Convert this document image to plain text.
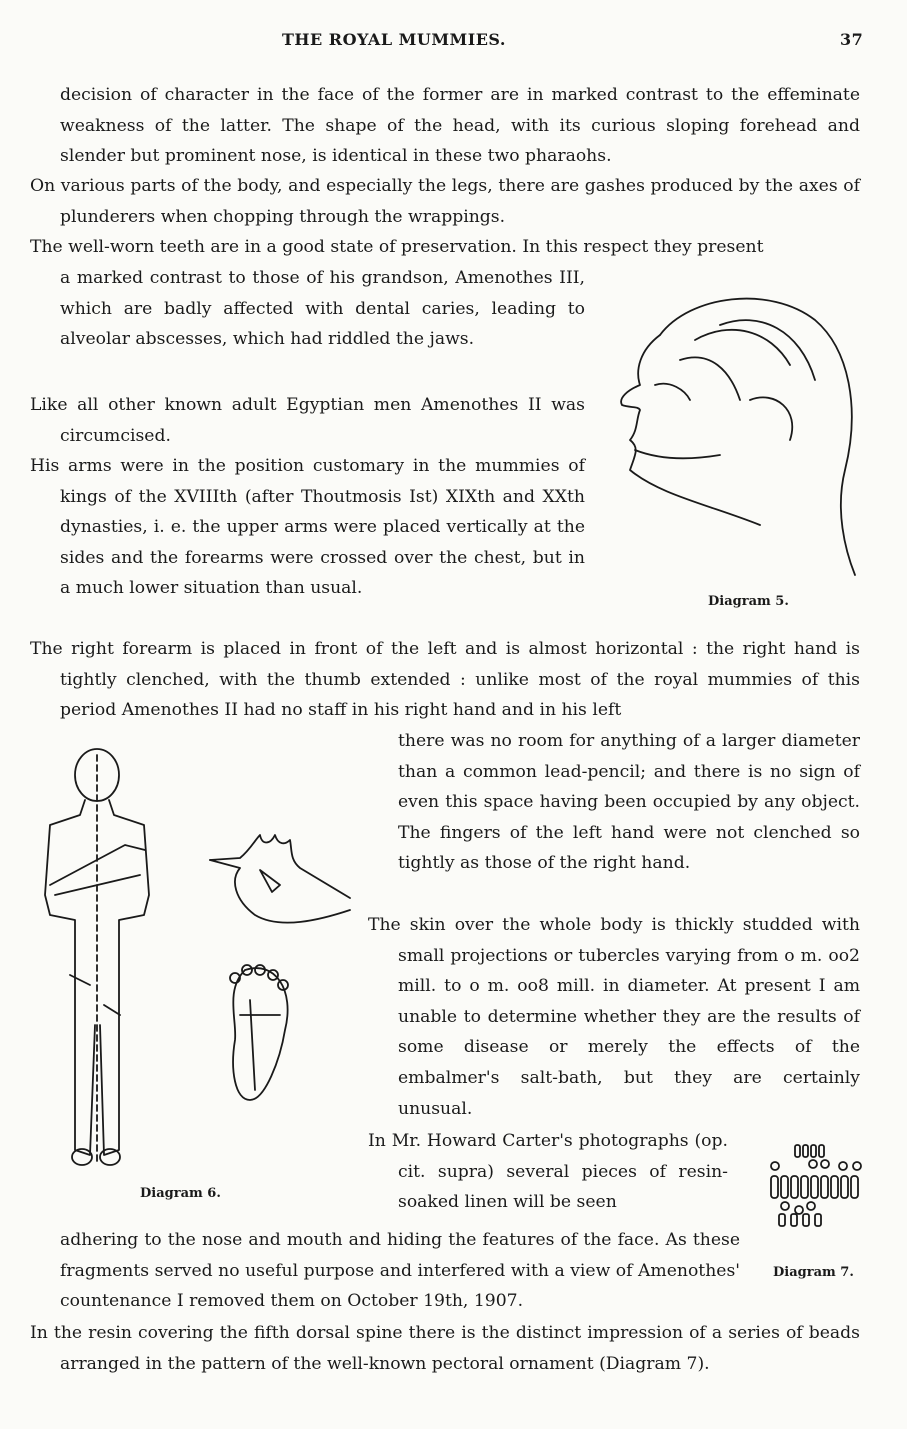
THE ROYAL MUMMIES.	37

decision of character in the face of the former are in marked contrast to the effeminate weakness of the latter. The shape of the head, with its curious sloping forehead and slender but prominent nose, is identical in these two pharaohs.

On various parts of the body, and especially the legs, there are gashes produced by the axes of plunderers when chopping through the wrappings.

The well-worn teeth are in a good state of preservation. In this respect they present

a marked contrast to those of his grandson, Amenothes III, which are badly affected with dental caries, leading to alveolar abscesses, which had riddled the jaws.

Like all other known adult Egyptian men Amenothes II was circumcised.

His arms were in the position customary in the mummies of kings of the XVIIIth (after Thoutmosis Ist) XIXth and XXth dynasties, i. e. the upper arms were placed vertically at the sides and the forearms were crossed over the chest, but in a much lower situation than usual.

The right forearm is placed in front of the left and is almost horizontal : the right hand is tightly clenched, with the thumb extended : unlike most of the royal mummies of this period Amenothes II had no staff in his right hand and in his left

there was no room for anything of a larger diameter than a common lead-pencil; and there is no sign of even this space having been occupied by any object. The fingers of the left hand were not clenched so tightly as those of the right hand.

The skin over the whole body is thickly studded with small projections or tubercles varying from o m. oo2 mill. to o m. oo8 mill. in diameter. At present I am unable to determine whether they are the results of some disease or merely the effects of the embalmer's salt-bath, but they are certainly unusual.

In Mr. Howard Carter's photographs (op. cit. supra) several pieces of resin-soaked linen will be seen

adhering to the nose and mouth and hiding the features of the face. As these fragments served no useful purpose and interfered with a view of Amenothes' countenance I removed them on October 19th, 1907.

In the resin covering the fifth dorsal spine there is the distinct impression of a series of beads arranged in the pattern of the well-known pectoral ornament (Diagram 7).

Diagram 5.
Diagram 6.
Diagram 7.
